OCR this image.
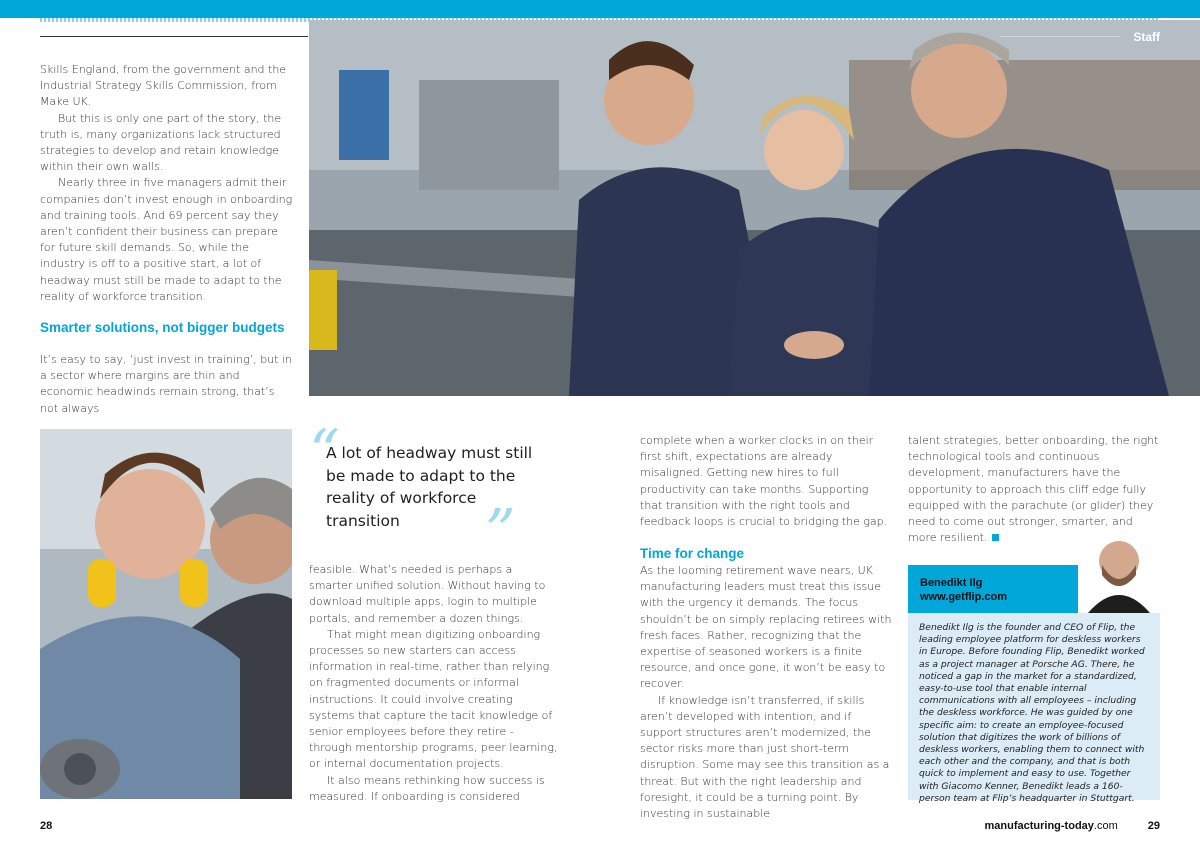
Skills England, from the government and the Industrial Strategy Skills Commission, from Make UK.

But this is only one part of the story, the truth is, many organizations lack structured strategies to develop and retain knowledge within their own walls.

Nearly three in five managers admit their companies don’t invest enough in onboarding and training tools. And 69 percent say they aren’t confident their business can prepare for future skill demands. So, while the industry is off to a positive start, a lot of headway must still be made to adapt to the reality of workforce transition.

Smarter solutions, not bigger budgets

It’s easy to say, ‘just invest in training’, but in a sector where margins are thin and economic headwinds remain strong, that’s not always

Staff
“
A lot of headway must still be made to adapt to the reality of workforce transition	”

feasible. What’s needed is perhaps a smarter unified solution. Without having to download multiple apps, login to multiple portals, and remember a dozen things.

That might mean digitizing onboarding processes so new starters can access information in real-time, rather than relying on fragmented documents or informal instructions. It could involve creating systems that capture the tacit knowledge of senior employees before they retire - through mentorship programs, peer learning, or internal documentation projects.

It also means rethinking how success is measured. If onboarding is considered

complete when a worker clocks in on their first shift, expectations are already misaligned. Getting new hires to full productivity can take months. Supporting that transition with the right tools and feedback loops is crucial to bridging the gap.

Time for change

As the looming retirement wave nears, UK manufacturing leaders must treat this issue with the urgency it demands. The focus shouldn’t be on simply replacing retirees with fresh faces. Rather, recognizing that the expertise of seasoned workers is a finite resource, and once gone, it won’t be easy to recover.

If knowledge isn’t transferred, if skills aren’t developed with intention, and if support structures aren’t modernized, the sector risks more than just short-term disruption. Some may see this transition as a threat. But with the right leadership and foresight, it could be a turning point. By investing in sustainable

talent strategies, better onboarding, the right technological tools and continuous development, manufacturers have the opportunity to approach this cliff edge fully equipped with the parachute (or glider) they need to come out stronger, smarter, and more resilient.

Benedikt Ilg
www.getflip.com
Benedikt Ilg is the founder and CEO of Flip, the leading employee platform for deskless workers in Europe. Before founding Flip, Benedikt worked as a project manager at Porsche AG. There, he noticed a gap in the market for a standardized, easy-to-use tool that enable internal communications with all employees – including the deskless workforce. He was guided by one specific aim: to create an employee-focused solution that digitizes the work of billions of deskless workers, enabling them to connect with each other and the company, and that is both quick to implement and easy to use. Together with Giacomo Kenner, Benedikt leads a 160-person team at Flip’s headquarter in Stuttgart.
28	manufacturing-today.com	29
